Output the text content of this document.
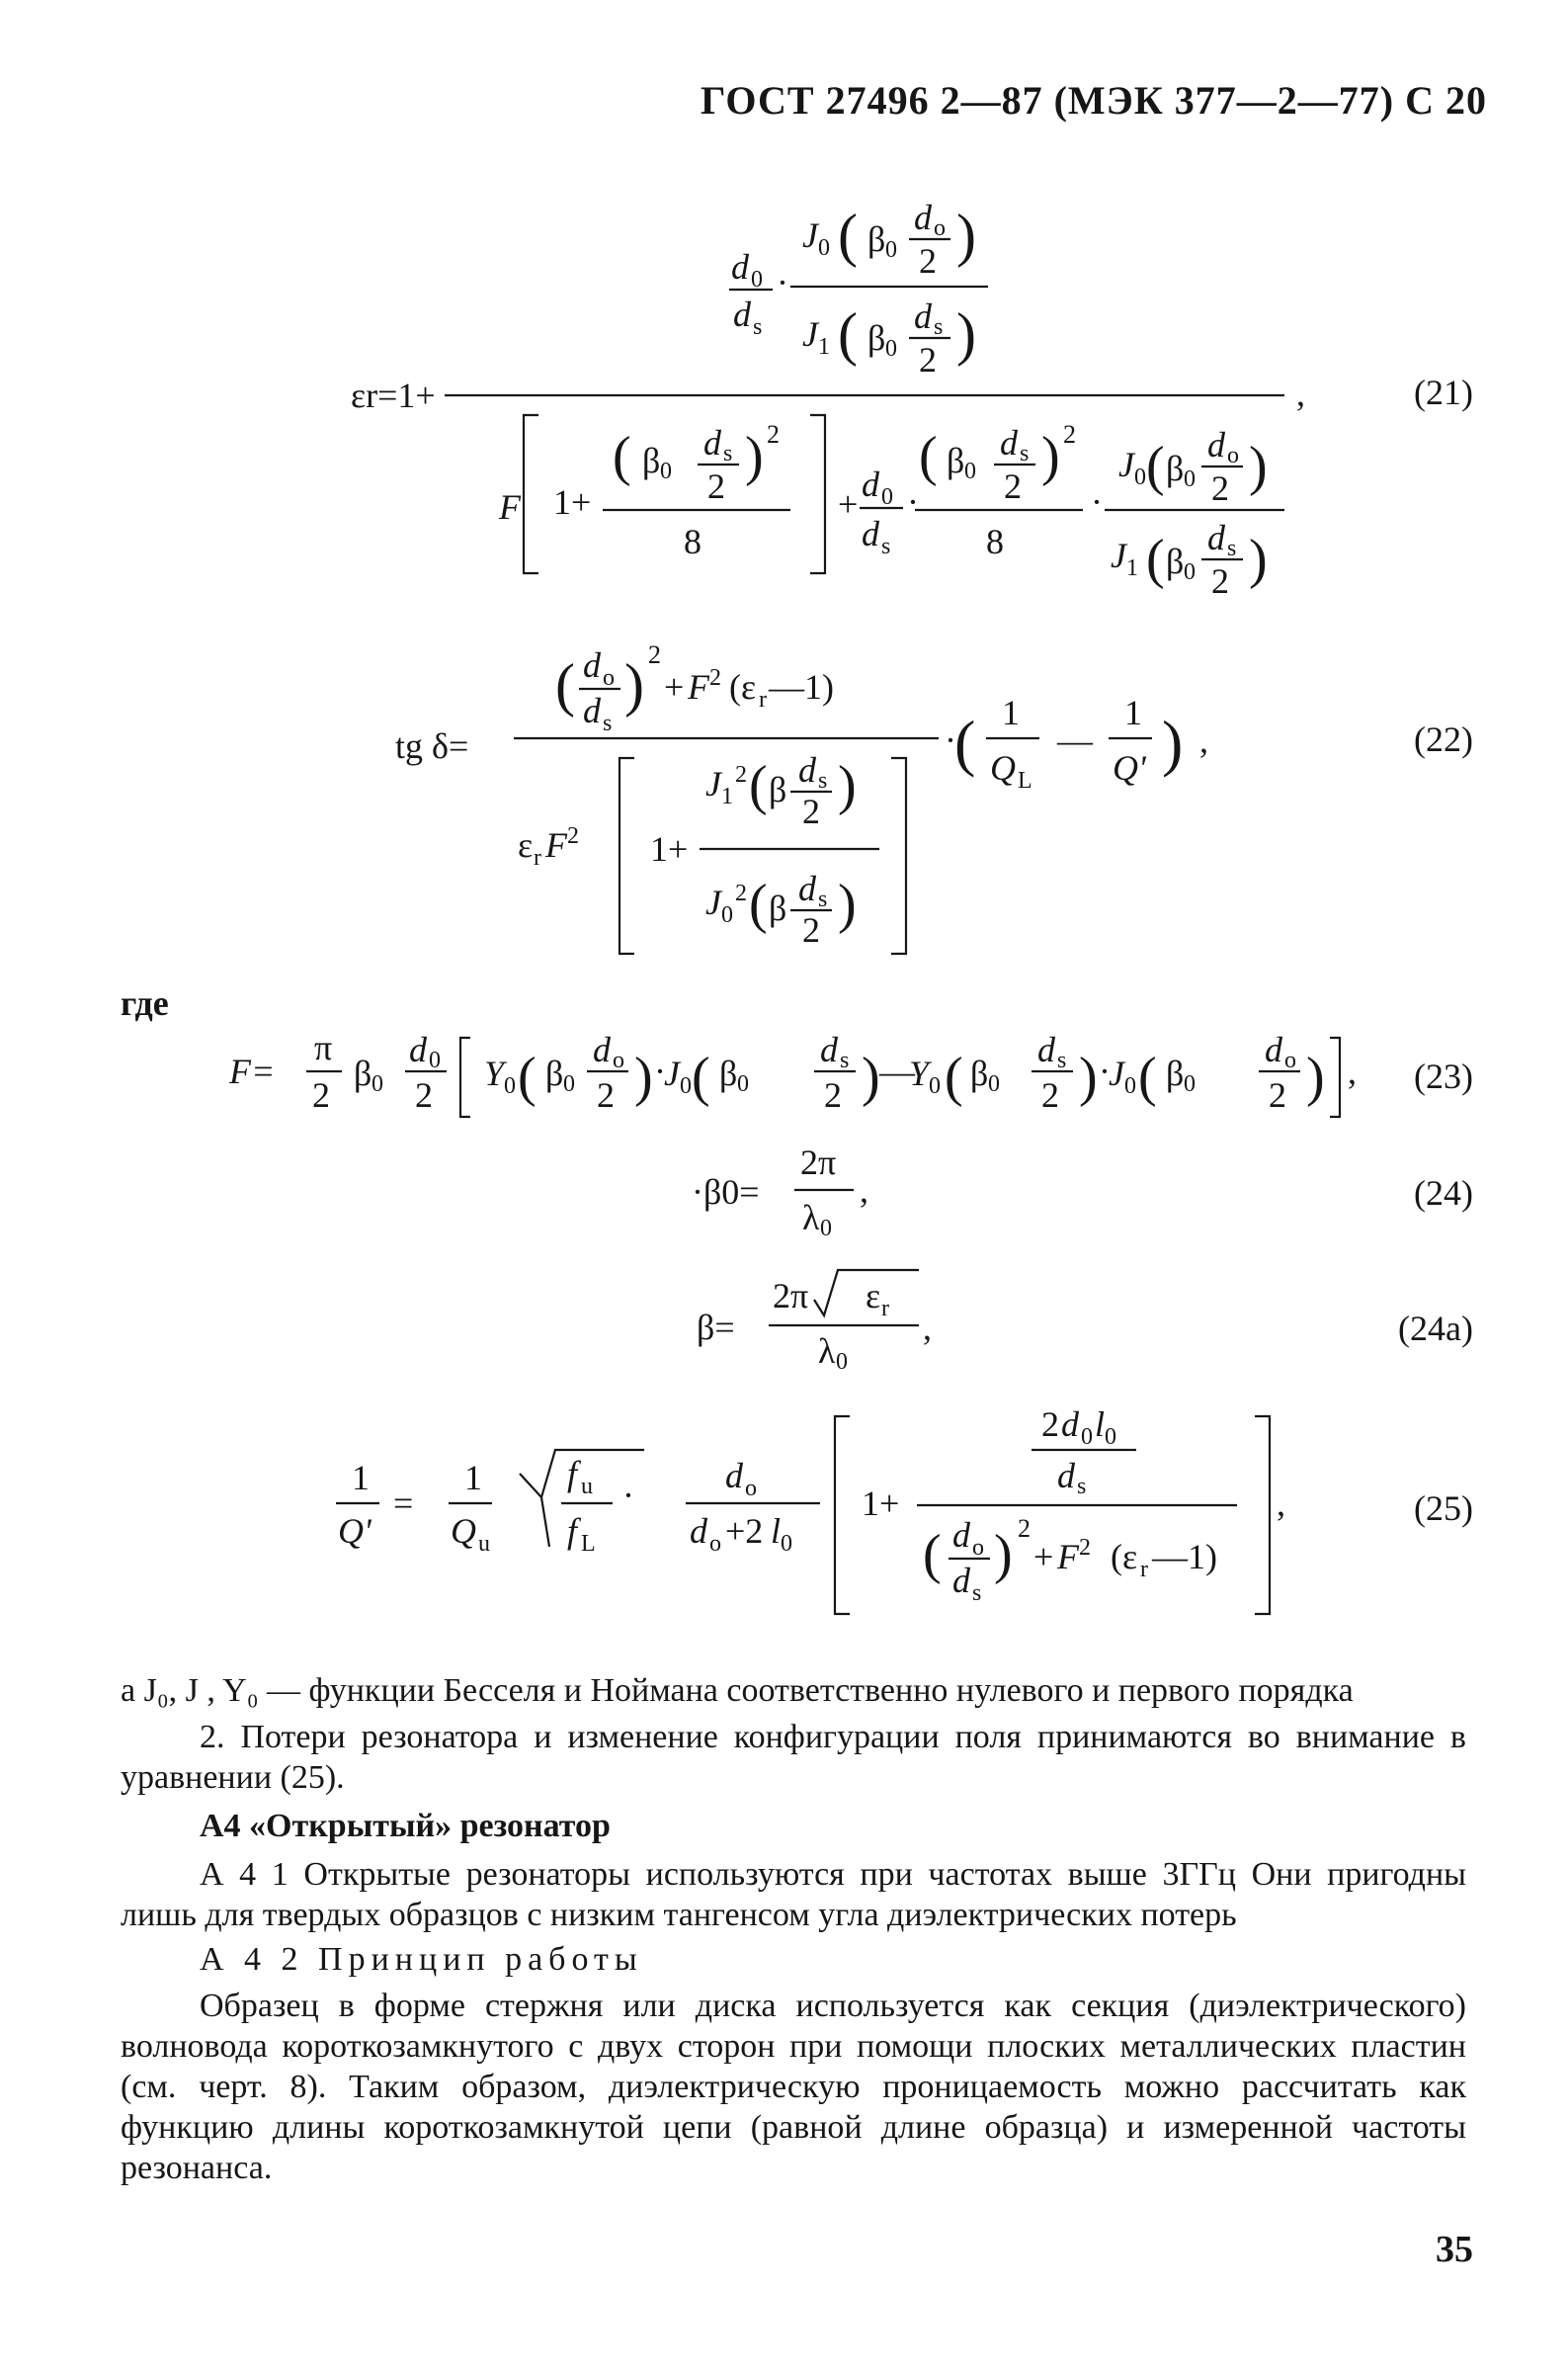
ГОСТ 27496 2—87 (МЭК 377—2—77) С 20
εr=1+
d 0
d s
·
J 0 ( β 0
d o
2 )
J 1 ( β 0
d s
2 )
F 1+
( β 0
d s
2 ) 2
8
+ d 0
d s
·
( β 0
d s
2 ) 2
8
·
J 0 ( β 0
d o
2 )
J 1 ( β 0
d s
2 )
,	(21)
tg δ=
( d o
d s
) 2
+ F 2 (ε r —1)
ε r F 2 1+
J 1
2 ( β d s
2 )
J 0
2 ( β d s
2 )
·
( 1
Q L
—
1
Q' ) ,	(22)
где
F=
π
2
β 0
d 0
2
Y 0 ( β 0
d o
2 ) ·
J 0 ( β 0
d s
2 ) —
Y 0 ( β 0
d s
2 ) ·
J 0 ( β 0
d o
2 ) , (23)
·β0=
2π
λ 0
,	(24)
β=
2π ε r
λ 0
,	(24a)
1
Q'
=
1
Q u
f u
f L
·	d o
d o +2 l 0
1+
2 d 0 l 0
d s
( d o
d s
) 2
+ F 2 (ε r —1)
,	(25)

а J₀, J , Y₀ — функции Бесселя и Ноймана соответственно нулевого и первого порядка

2. Потери резонатора и изменение конфигурации поля принимаются во внимание в уравнении (25).

А4 «Открытый» резонатор

А 4 1 Открытые резонаторы используются при частотах выше 3ГГц Они пригодны лишь для твердых образцов с низким тангенсом угла диэлектрических потерь

А 4 2 Принцип работы

Образец в форме стержня или диска используется как секция (диэлектрического) волновода короткозамкнутого с двух сторон при помощи плоских металлических пластин (см. черт. 8). Таким образом, диэлектрическую проницаемость можно рассчитать как функцию длины короткозамкнутой цепи (равной длине образца) и измеренной частоты резонанса.

35
